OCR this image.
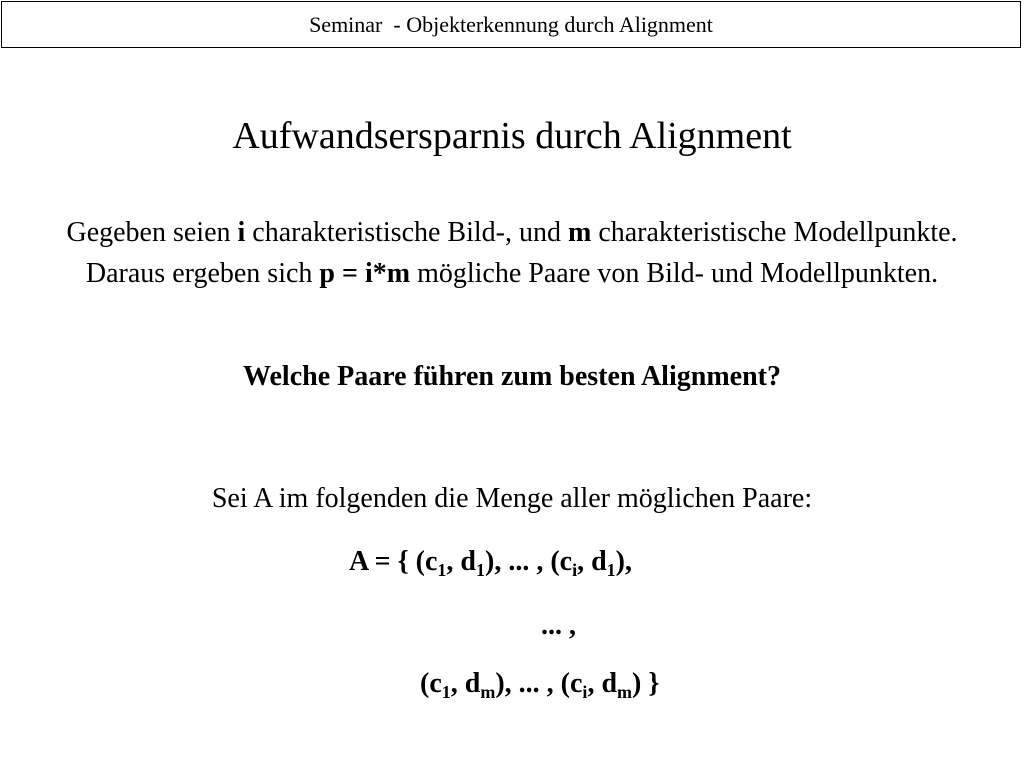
Seminar  - Objekterkennung durch Alignment
Aufwandsersparnis durch Alignment
Gegeben seien i charakteristische Bild-, und m charakteristische Modellpunkte. Daraus ergeben sich p = i*m mögliche Paare von Bild- und Modellpunkten.
Welche Paare führen zum besten Alignment?
Sei A im folgenden die Menge aller möglichen Paare:
A = { ($c_1$, $d_1$), ... , ($c_i$, $d_1$),
... ,
($c_1$, $d_m$), ... , ($c_i$, $d_m$) }
